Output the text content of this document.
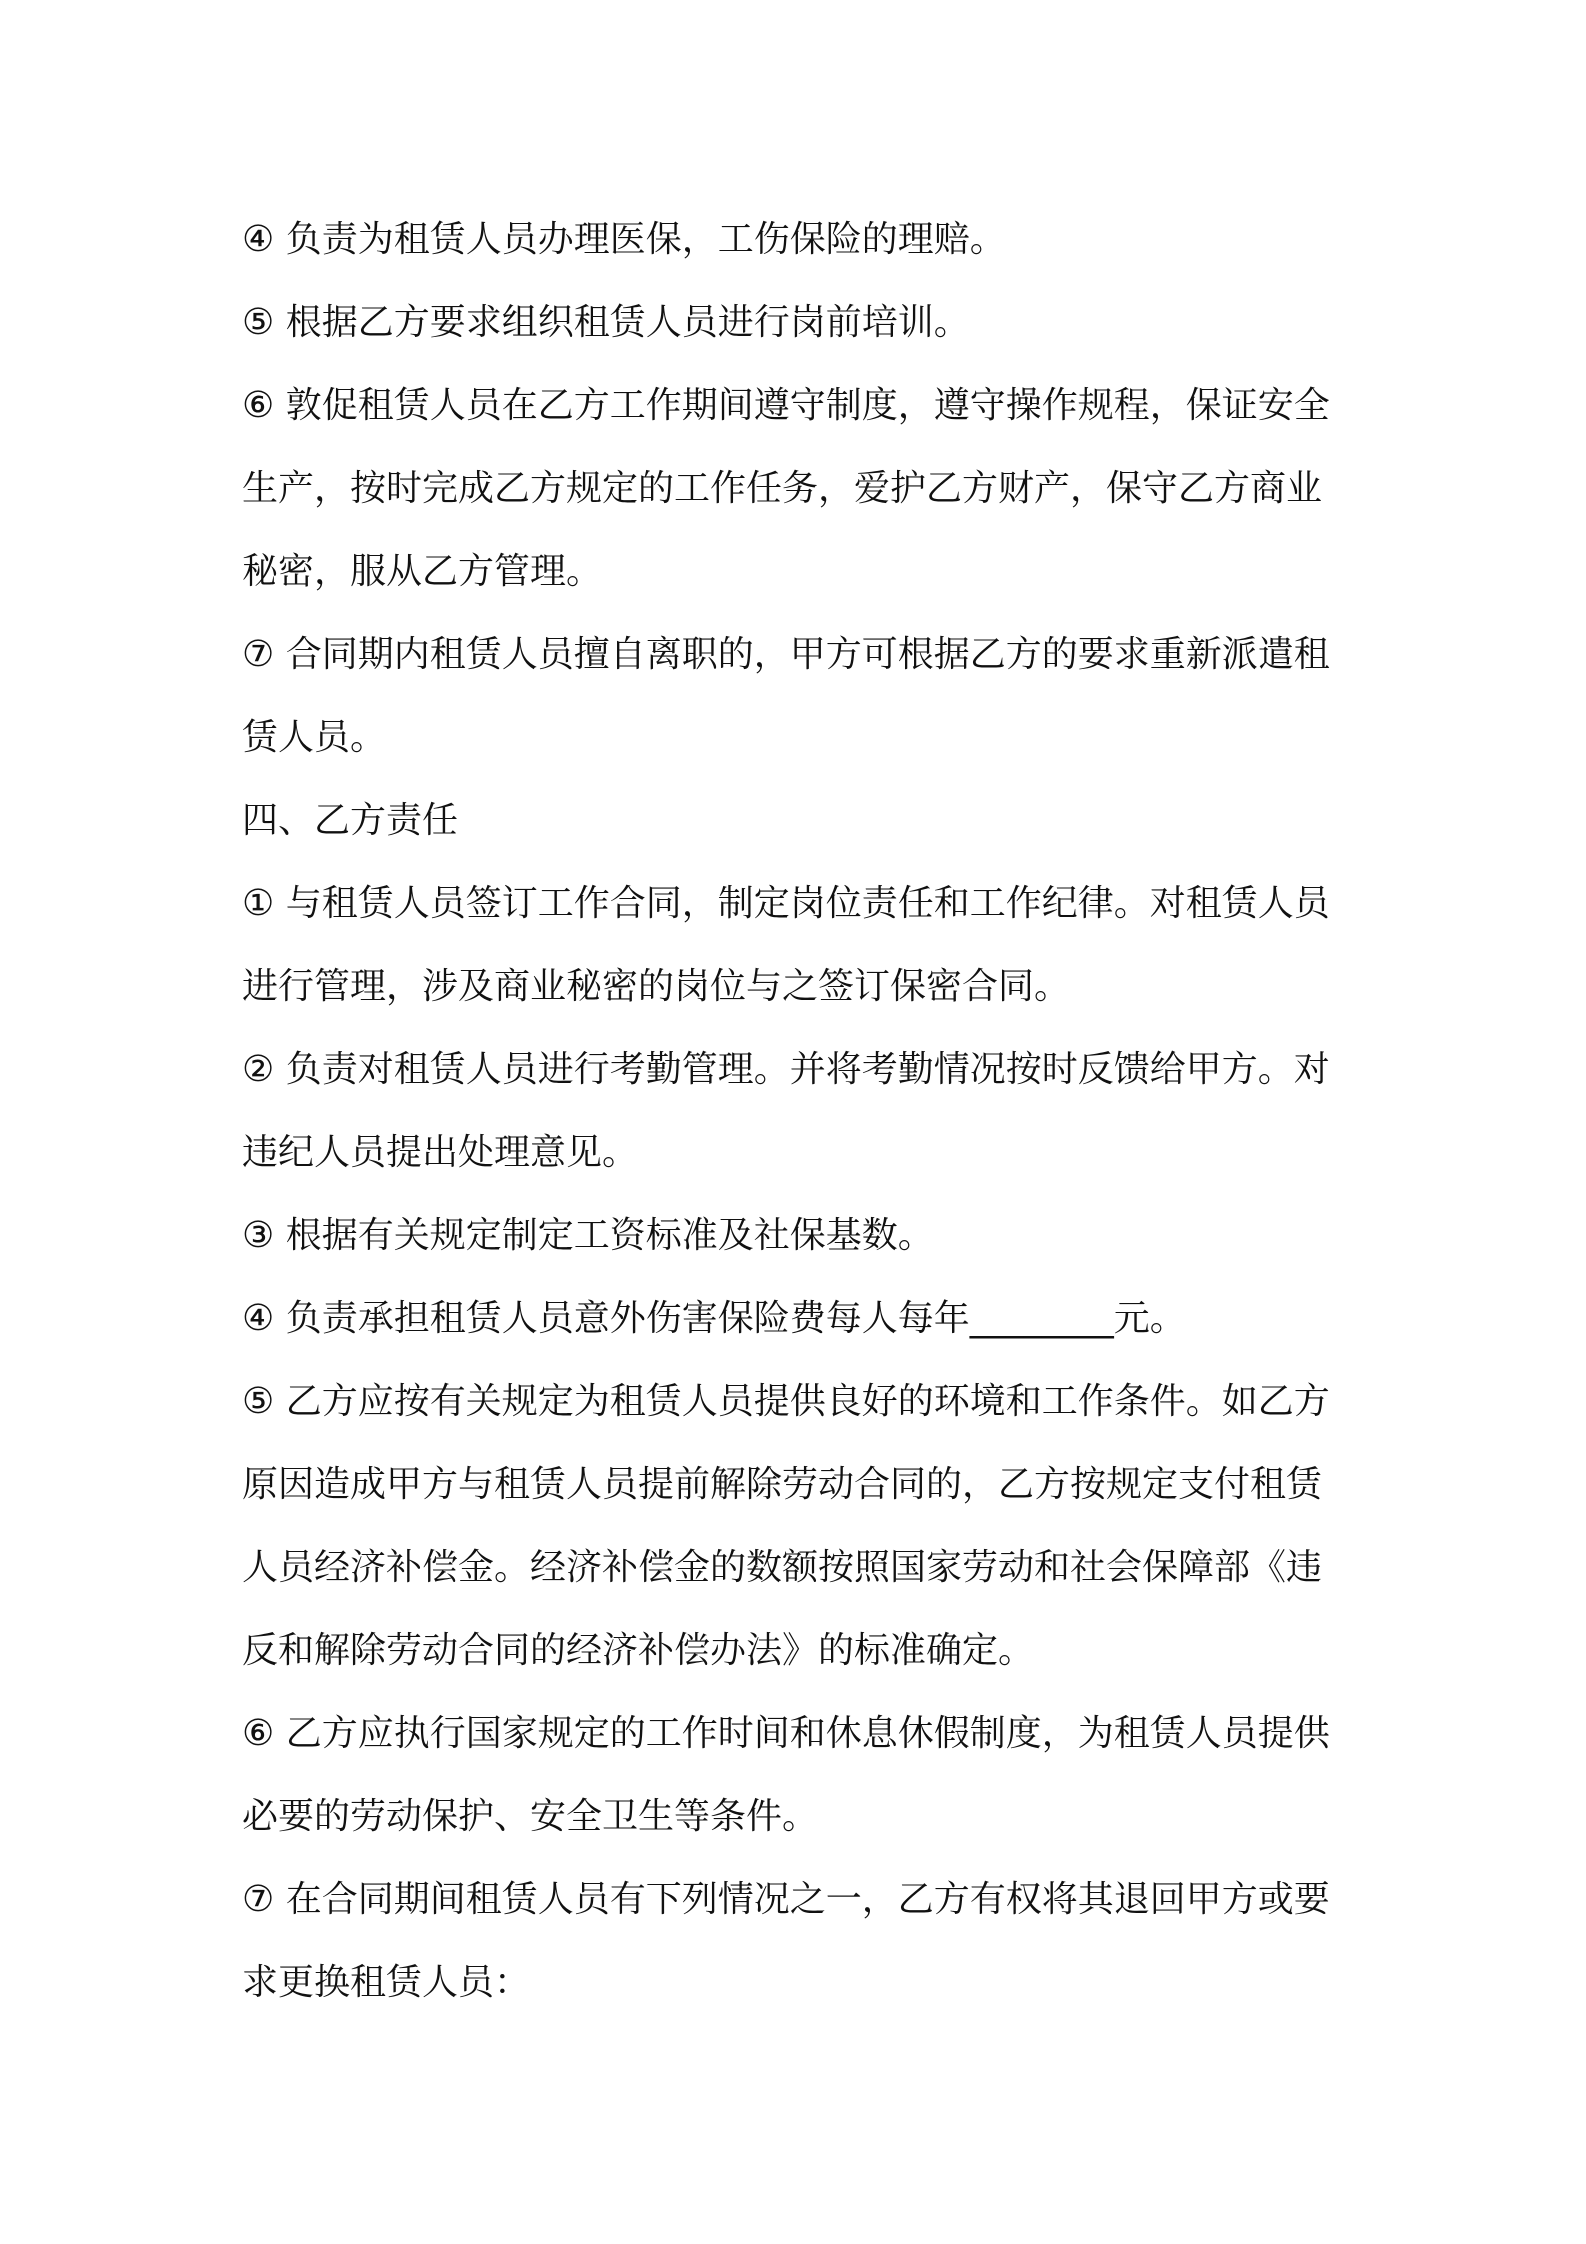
④ 负责为租赁人员办理医保，工伤保险的理赔。

⑤ 根据乙方要求组织租赁人员进行岗前培训。

⑥ 敦促租赁人员在乙方工作期间遵守制度，遵守操作规程，保证安全生产，按时完成乙方规定的工作任务，爱护乙方财产，保守乙方商业秘密，服从乙方管理。

⑦ 合同期内租赁人员擅自离职的，甲方可根据乙方的要求重新派遣租赁人员。

四、乙方责任

① 与租赁人员签订工作合同，制定岗位责任和工作纪律。对租赁人员进行管理，涉及商业秘密的岗位与之签订保密合同。

② 负责对租赁人员进行考勤管理。并将考勤情况按时反馈给甲方。对违纪人员提出处理意见。

③ 根据有关规定制定工资标准及社保基数。

④ 负责承担租赁人员意外伤害保险费每人每年________元。

⑤ 乙方应按有关规定为租赁人员提供良好的环境和工作条件。如乙方原因造成甲方与租赁人员提前解除劳动合同的，乙方按规定支付租赁人员经济补偿金。经济补偿金的数额按照国家劳动和社会保障部《违反和解除劳动合同的经济补偿办法》的标准确定。

⑥ 乙方应执行国家规定的工作时间和休息休假制度，为租赁人员提供必要的劳动保护、安全卫生等条件。

⑦ 在合同期间租赁人员有下列情况之一，乙方有权将其退回甲方或要求更换租赁人员：
